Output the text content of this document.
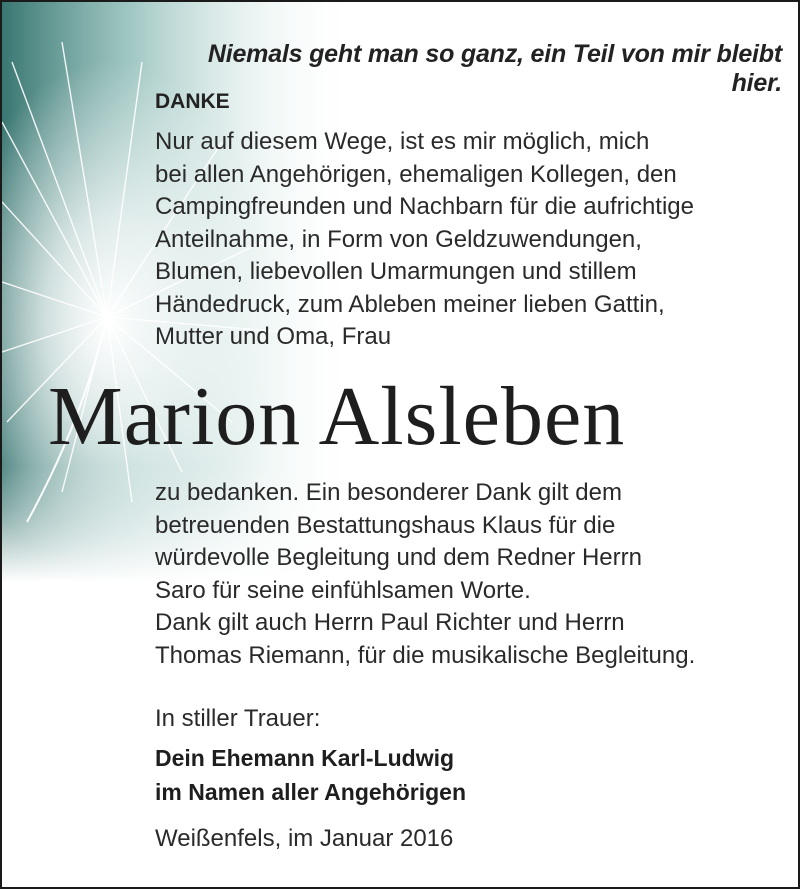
Niemals geht man so ganz, ein Teil von mir bleibt hier.
DANKE
Nur auf diesem Wege, ist es mir möglich, mich
bei allen Angehörigen, ehemaligen Kollegen, den
Campingfreunden und Nachbarn für die aufrichtige
Anteilnahme, in Form von Geldzuwendungen,
Blumen, liebevollen Umarmungen und stillem
Händedruck, zum Ableben meiner lieben Gattin,
Mutter und Oma, Frau
Marion Alsleben
zu bedanken. Ein besonderer Dank gilt dem
betreuenden Bestattungshaus Klaus für die
würdevolle Begleitung und dem Redner Herrn
Saro für seine einfühlsamen Worte.
Dank gilt auch Herrn Paul Richter und Herrn
Thomas Riemann, für die musikalische Begleitung.
In stiller Trauer:
Dein Ehemann Karl-Ludwig
im Namen aller Angehörigen
Weißenfels, im Januar 2016
